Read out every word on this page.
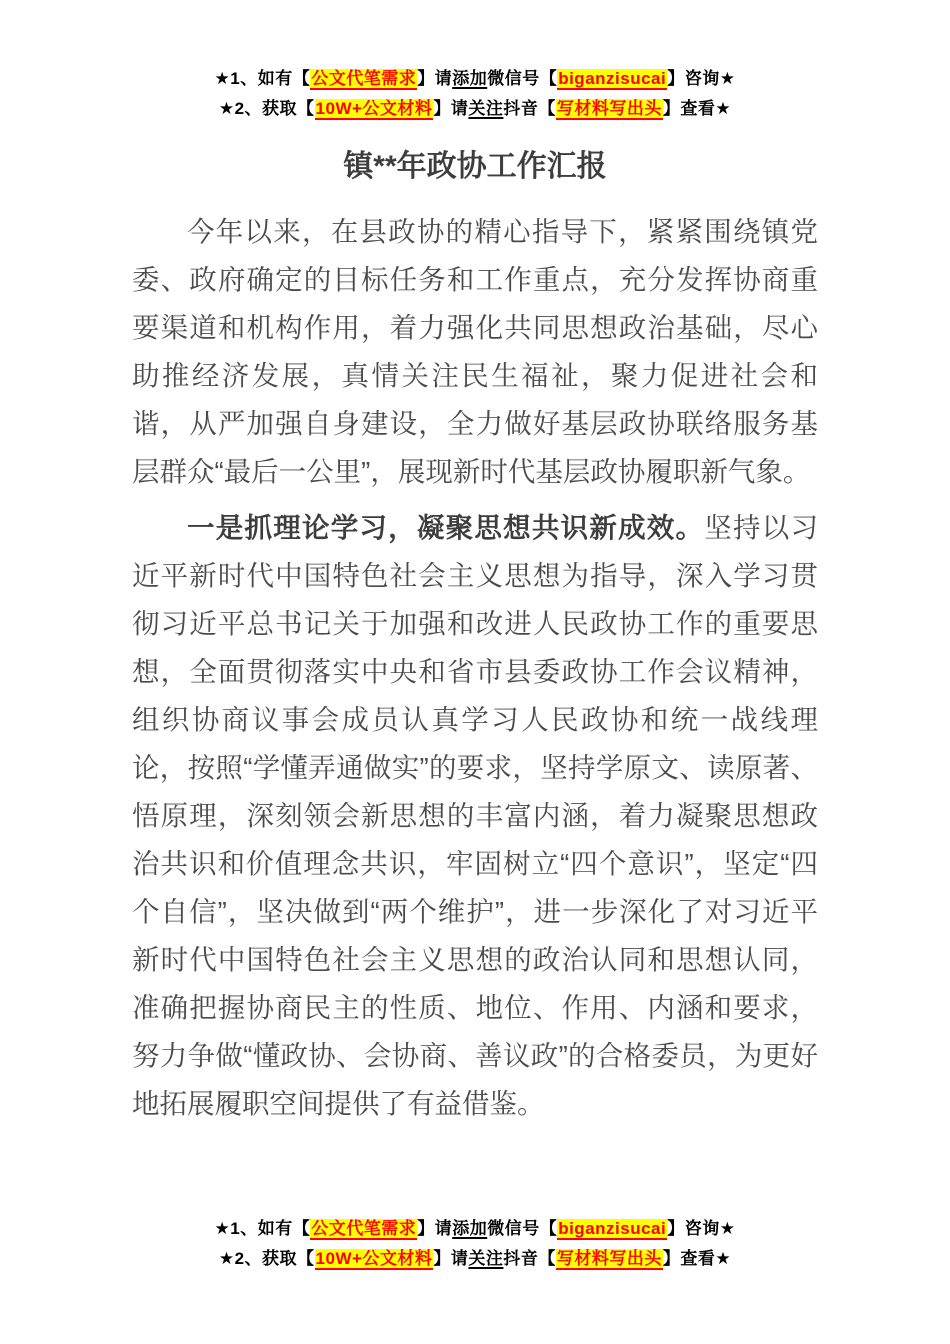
★1、如有【公文代笔需求】请添加微信号【biganzisucai】咨询★
★2、获取【10W+公文材料】请关注抖音【写材料写出头】查看★
镇**年政协工作汇报

今年以来，在县政协的精心指导下，紧紧围绕镇党委、政府确定的目标任务和工作重点，充分发挥协商重要渠道和机构作用，着力强化共同思想政治基础，尽心助推经济发展，真情关注民生福祉，聚力促进社会和谐，从严加强自身建设，全力做好基层政协联络服务基层群众“最后一公里”，展现新时代基层政协履职新气象。

一是抓理论学习，凝聚思想共识新成效。坚持以习近平新时代中国特色社会主义思想为指导，深入学习贯彻习近平总书记关于加强和改进人民政协工作的重要思想，全面贯彻落实中央和省市县委政协工作会议精神，组织协商议事会成员认真学习人民政协和统一战线理论，按照“学懂弄通做实”的要求，坚持学原文、读原著、悟原理，深刻领会新思想的丰富内涵，着力凝聚思想政治共识和价值理念共识，牢固树立“四个意识”，坚定“四个自信”，坚决做到“两个维护”，进一步深化了对习近平新时代中国特色社会主义思想的政治认同和思想认同，准确把握协商民主的性质、地位、作用、内涵和要求，努力争做“懂政协、会协商、善议政”的合格委员，为更好地拓展履职空间提供了有益借鉴。

★1、如有【公文代笔需求】请添加微信号【biganzisucai】咨询★
★2、获取【10W+公文材料】请关注抖音【写材料写出头】查看★
